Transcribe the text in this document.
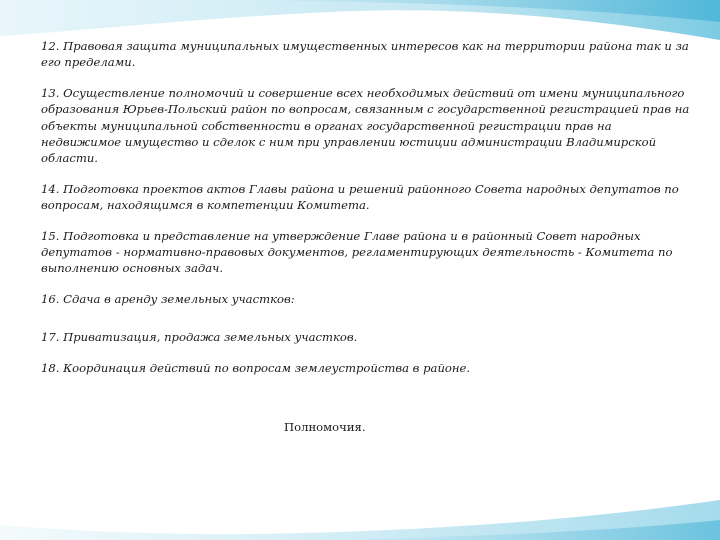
12. Правовая защита муниципальных имущественных интересов как на территории района так и за его пределами.
13. Осуществление полномочий и совершение всех необходимых действий от имени муниципального образования Юрьев-Польский район по вопросам, связанным с государственной регистрацией прав на объекты муниципальной собственности в органах государственной регистрации прав на недвижимое имущество и сделок с ним при управлении юстиции администрации Владимирской области.
14. Подготовка проектов актов Главы района и решений районного Совета народных депутатов по вопросам, находящимся в компетенции Комитета.
15. Подготовка и представление на утверждение Главе района и в районный Совет народных депутатов - нормативно-правовых документов, регламентирующих деятельность - Комитета по выполнению основных задач.
16. Сдача в аренду земельных участков:
17. Приватизация, продажа земельных участков.
18. Координация действий по вопросам землеустройства в районе.
Полномочия.
